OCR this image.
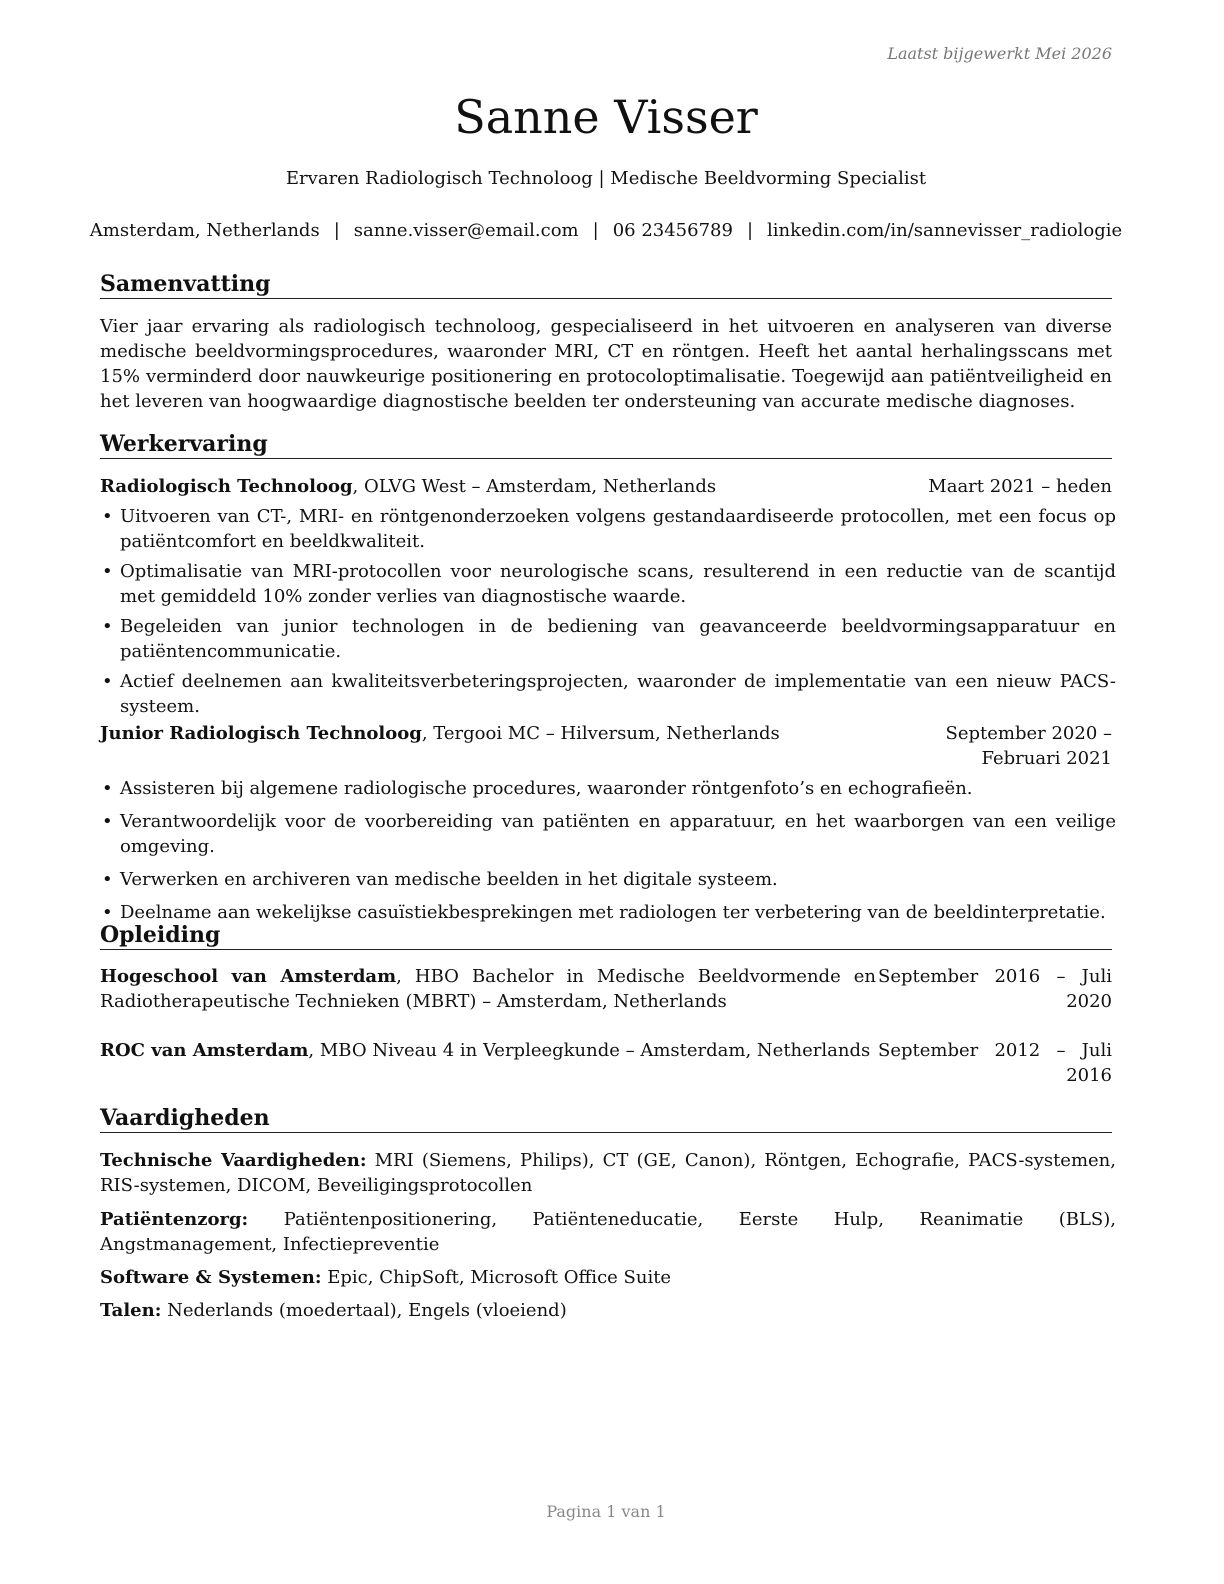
Laatst bijgewerkt Mei 2026
Sanne Visser
Ervaren Radiologisch Technoloog | Medische Beeldvorming Specialist
Amsterdam, Netherlands | sanne.visser@email.com | 06 23456789 | linkedin.com/in/sannevisser_radiologie
Samenvatting
Vier jaar ervaring als radiologisch technoloog, gespecialiseerd in het uitvoeren en analyseren van diverse medische beeldvormingsprocedures, waaronder MRI, CT en röntgen. Heeft het aantal herhalingsscans met 15% verminderd door nauwkeurige positionering en protocoloptimalisatie. Toegewijd aan patiëntveiligheid en het leveren van hoogwaardige diagnostische beelden ter ondersteuning van accurate medische diagnoses.
Werkervaring
Radiologisch Technoloog, OLVG West – Amsterdam, Netherlands	Maart 2021 – heden
• Uitvoeren van CT-, MRI- en röntgenonderzoeken volgens gestandaardiseerde protocollen, met een focus op patiëntcomfort en beeldkwaliteit.
• Optimalisatie van MRI-protocollen voor neurologische scans, resulterend in een reductie van de scantijd met gemiddeld 10% zonder verlies van diagnostische waarde.
• Begeleiden van junior technologen in de bediening van geavanceerde beeldvormingsapparatuur en patiëntencommunicatie.
• Actief deelnemen aan kwaliteitsverbeteringsprojecten, waaronder de implementatie van een nieuw PACS-systeem.
Junior Radiologisch Technoloog, Tergooi MC – Hilversum, Netherlands	September 2020 – Februari 2021
• Assisteren bij algemene radiologische procedures, waaronder röntgenfoto’s en echografieën.
• Verantwoordelijk voor de voorbereiding van patiënten en apparatuur, en het waarborgen van een veilige omgeving.
• Verwerken en archiveren van medische beelden in het digitale systeem.
• Deelname aan wekelijkse casuïstiekbesprekingen met radiologen ter verbetering van de beeldinterpretatie.
Opleiding
Hogeschool van Amsterdam, HBO Bachelor in Medische Beeldvormende en Radiotherapeutische Technieken (MBRT) – Amsterdam, Netherlands
September 2016 – Juli 2020
ROC van Amsterdam, MBO Niveau 4 in Verpleegkunde – Amsterdam, Netherlands September 2012 – Juli 2016
Vaardigheden
Technische Vaardigheden: MRI (Siemens, Philips), CT (GE, Canon), Röntgen, Echografie, PACS-systemen, RIS-systemen, DICOM, Beveiligingsprotocollen
Patiëntenzorg: Patiëntenpositionering, Patiënteneducatie, Eerste Hulp, Reanimatie (BLS), Angstmanagement, Infectiepreventie
Software & Systemen: Epic, ChipSoft, Microsoft Office Suite
Talen: Nederlands (moedertaal), Engels (vloeiend)
Pagina 1 van 1
